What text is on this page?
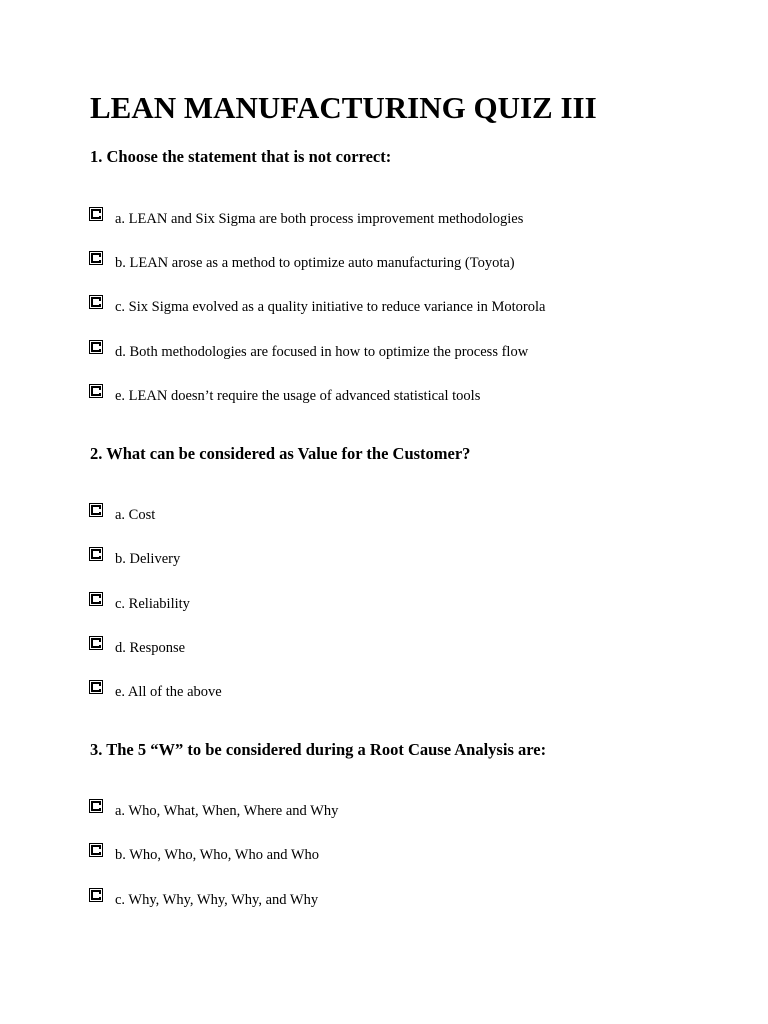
LEAN MANUFACTURING QUIZ III

1. Choose the statement that is not correct:

a. LEAN and Six Sigma are both process improvement methodologies
b. LEAN arose as a method to optimize auto manufacturing (Toyota)
c. Six Sigma evolved as a quality initiative to reduce variance in Motorola
d. Both methodologies are focused in how to optimize the process flow
e. LEAN doesn’t require the usage of advanced statistical tools

2. What can be considered as Value for the Customer?

a. Cost
b. Delivery
c. Reliability
d. Response
e. All of the above

3. The 5 “W” to be considered during a Root Cause Analysis are:

a. Who, What, When, Where and Why
b. Who, Who, Who, Who and Who
c. Why, Why, Why, Why, and Why
